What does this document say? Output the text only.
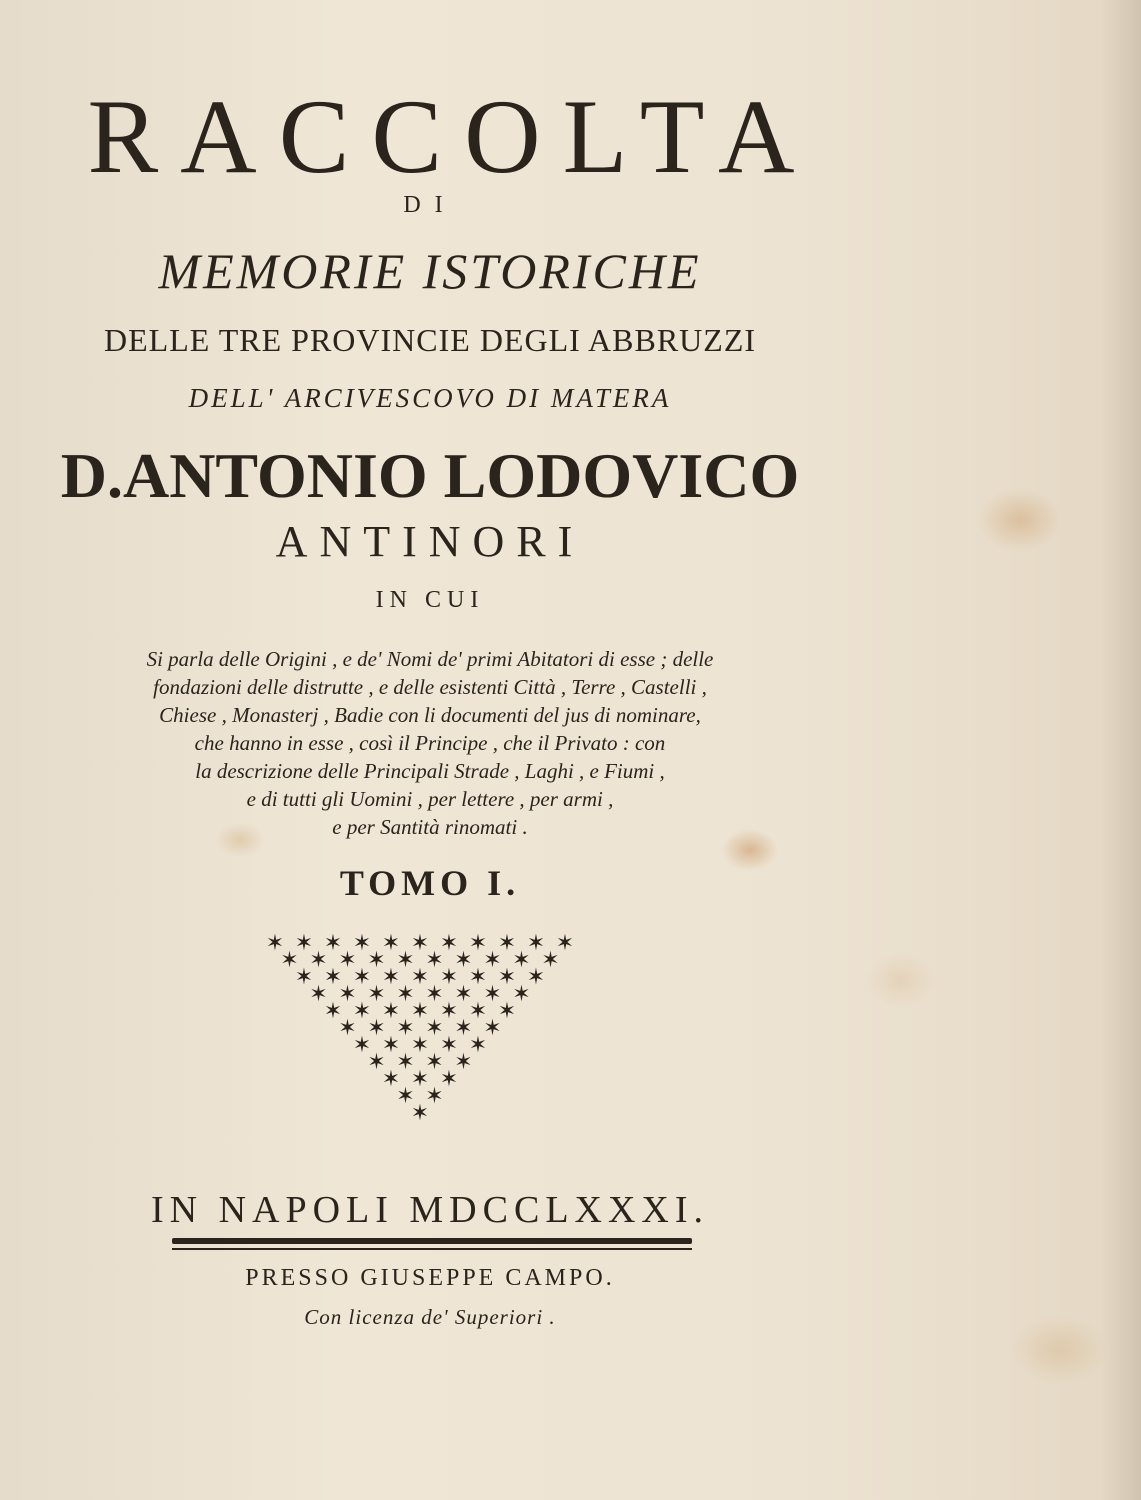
RACCOLTA
DI
MEMORIE ISTORICHE
DELLE TRE PROVINCIE DEGLI ABBRUZZI
DELL' ARCIVESCOVO DI MATERA
D.ANTONIO LODOVICO
ANTINORI
IN CUI
Si parla delle Origini , e de' Nomi de' primi Abitatori di esse ; delle
fondazioni delle distrutte , e delle esistenti Città , Terre , Castelli ,
Chiese , Monasterj , Badie con li documenti del jus di nominare,
che hanno in esse , così il Principe , che il Privato : con
la descrizione delle Principali Strade , Laghi , e Fiumi ,
e di tutti gli Uomini , per lettere , per armi ,
e per Santità rinomati .
TOMO I.
✶ ✶ ✶ ✶ ✶ ✶ ✶ ✶ ✶ ✶ ✶
✶ ✶ ✶ ✶ ✶ ✶ ✶ ✶ ✶ ✶
✶ ✶ ✶ ✶ ✶ ✶ ✶ ✶ ✶
✶ ✶ ✶ ✶ ✶ ✶ ✶ ✶
✶ ✶ ✶ ✶ ✶ ✶ ✶
✶ ✶ ✶ ✶ ✶ ✶
✶ ✶ ✶ ✶ ✶
✶ ✶ ✶ ✶
✶ ✶ ✶
✶ ✶
✶
IN NAPOLI MDCCLXXXI.
PRESSO GIUSEPPE CAMPO.
Con licenza de' Superiori .
